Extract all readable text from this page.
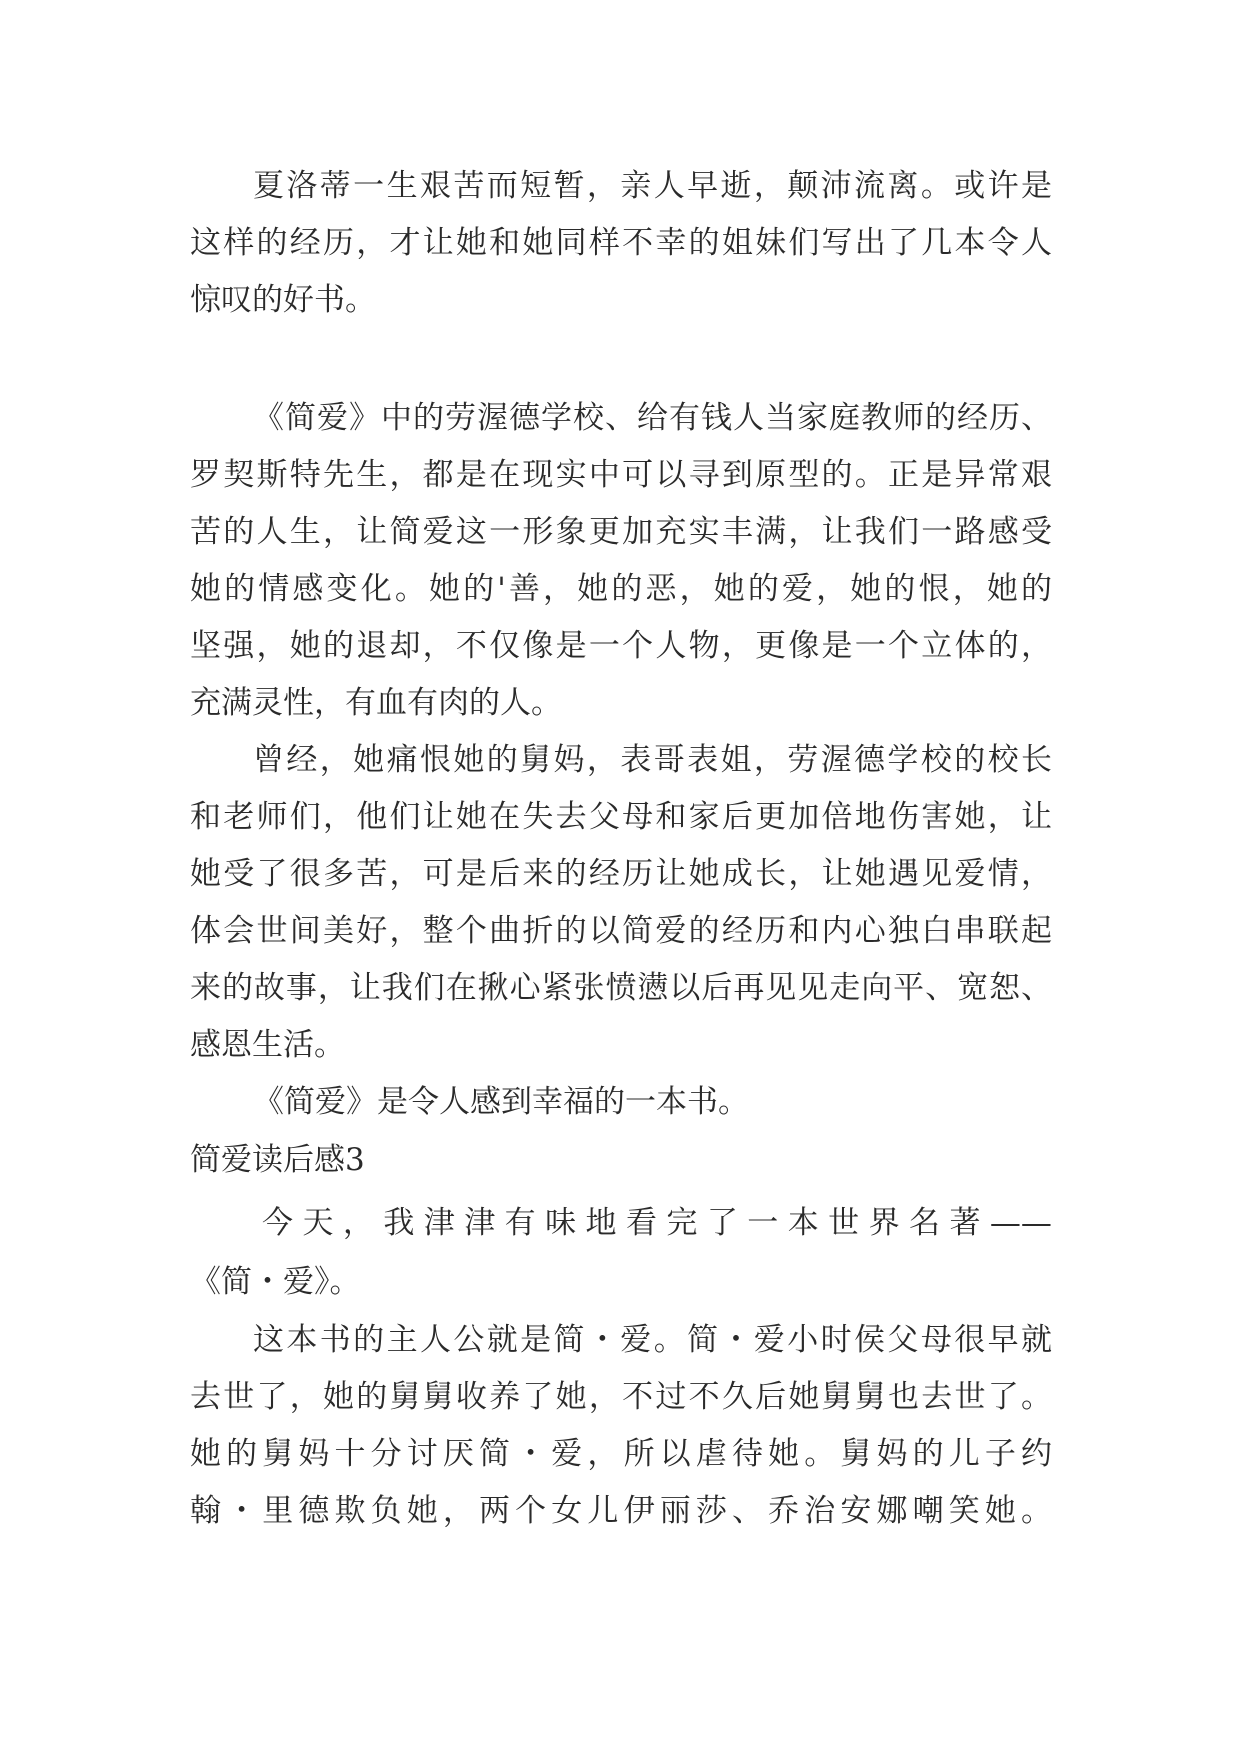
夏洛蒂一生艰苦而短暂，亲人早逝，颠沛流离。或许是

这样的经历，才让她和她同样不幸的姐妹们写出了几本令人

惊叹的好书。

《简爱》中的劳渥德学校、给有钱人当家庭教师的经历、

罗契斯特先生，都是在现实中可以寻到原型的。正是异常艰

苦的人生，让简爱这一形象更加充实丰满，让我们一路感受

她的情感变化。她的'善，她的恶，她的爱，她的恨，她的

坚强，她的退却，不仅像是一个人物，更像是一个立体的，

充满灵性，有血有肉的人。

曾经，她痛恨她的舅妈，表哥表姐，劳渥德学校的校长

和老师们，他们让她在失去父母和家后更加倍地伤害她，让

她受了很多苦，可是后来的经历让她成长，让她遇见爱情，

体会世间美好，整个曲折的以简爱的经历和内心独白串联起

来的故事，让我们在揪心紧张愤懑以后再见见走向平、宽恕、

感恩生活。

《简爱》是令人感到幸福的一本书。

简爱读后感3

今 天 ， 我 津 津 有 味 地 看 完 了 一 本 世 界 名 著 ——

《简・爱》。

这本书的主人公就是简・爱。简・爱小时侯父母很早就

去世了，她的舅舅收养了她，不过不久后她舅舅也去世了。

她的舅妈十分讨厌简・爱，所以虐待她。舅妈的儿子约

翰・里德欺负她，两个女儿伊丽莎、乔治安娜嘲笑她。
